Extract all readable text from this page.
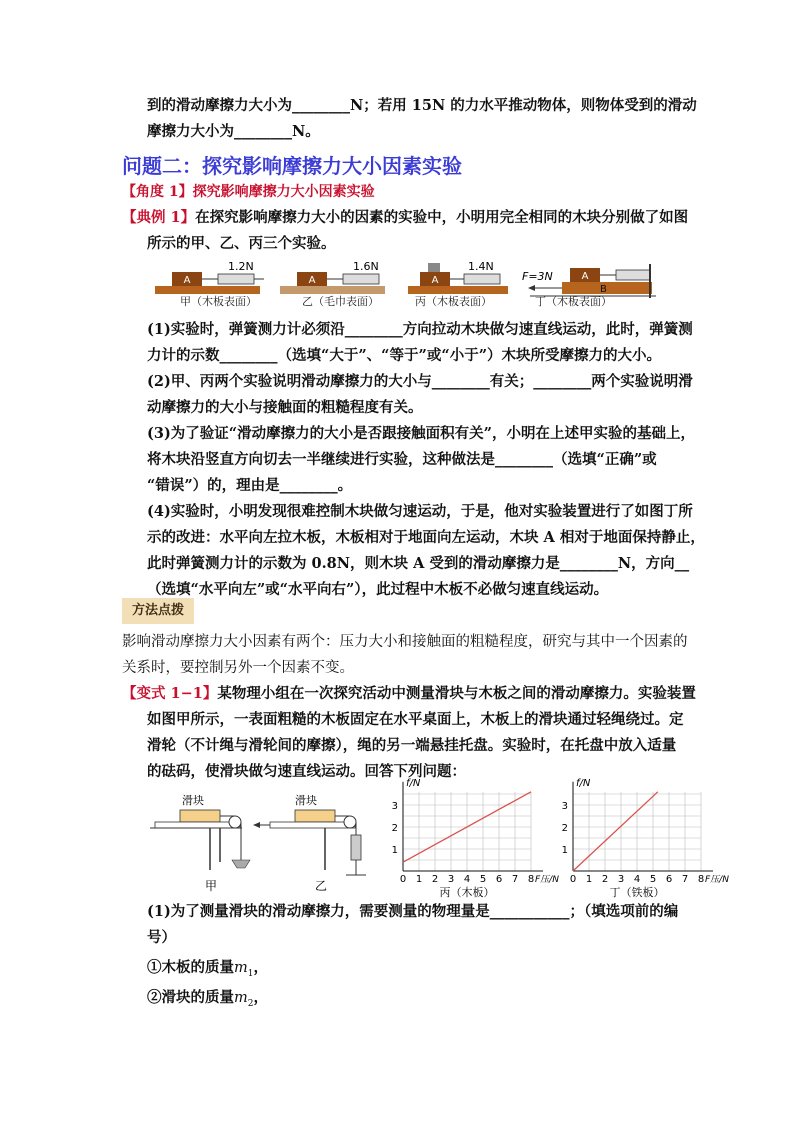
到的滑动摩擦力大小为________N；若用 15N 的力水平推动物体，则物体受到的滑动
摩擦力大小为________N。
问题二：探究影响摩擦力大小因素实验
【角度 1】探究影响摩擦力大小因素实验
【典例 1】在探究影响摩擦力大小的因素的实验中，小明用完全相同的木块分别做了如图
所示的甲、乙、丙三个实验。
A
1.2N
甲（木板表面）
A
1.6N
乙（毛巾表面）
A
1.4N
丙（木板表面）
F=3N
B
A
丁（木板表面）
(1)实验时，弹簧测力计必须沿________方向拉动木块做匀速直线运动，此时，弹簧测
力计的示数________（选填“大于”、“等于”或“小于”）木块所受摩擦力的大小。
(2)甲、丙两个实验说明滑动摩擦力的大小与________有关；________两个实验说明滑
动摩擦力的大小与接触面的粗糙程度有关。
(3)为了验证“滑动摩擦力的大小是否跟接触面积有关”，小明在上述甲实验的基础上，
将木块沿竖直方向切去一半继续进行实验，这种做法是________（选填“正确”或
“错误”）的，理由是________。
(4)实验时，小明发现很难控制木块做匀速运动，于是，他对实验装置进行了如图丁所
示的改进：水平向左拉木板，木板相对于地面向左运动，木块 A 相对于地面保持静止，
此时弹簧测力计的示数为 0.8N，则木块 A 受到的滑动摩擦力是________N，方向__
（选填“水平向左”或“水平向右”），此过程中木板不必做匀速直线运动。
方法点拨
影响滑动摩擦力大小因素有两个：压力大小和接触面的粗糙程度，研究与其中一个因素的
关系时，要控制另外一个因素不变。
【变式 1−1】某物理小组在一次探究活动中测量滑块与木板之间的滑动摩擦力。实验装置
如图甲所示，一表面粗糙的木板固定在水平桌面上，木板上的滑块通过轻绳绕过。定
滑轮（不计绳与滑轮间的摩擦），绳的另一端悬挂托盘。实验时，在托盘中放入适量
的砝码，使滑块做匀速直线运动。回答下列问题：
滑块
甲
滑块
乙	0 1 2 3 4 5 6 7 8
1
2
3
f/N
F压/N
丙（木板）
0 1 2 3 4 5 6 7 8
1
2
3
f/N
F压/N
丁（铁板）
(1)为了测量滑块的滑动摩擦力，需要测量的物理量是___________；（填选项前的编
号）
①木板的质量$m_1$，
②滑块的质量$m_2$，
